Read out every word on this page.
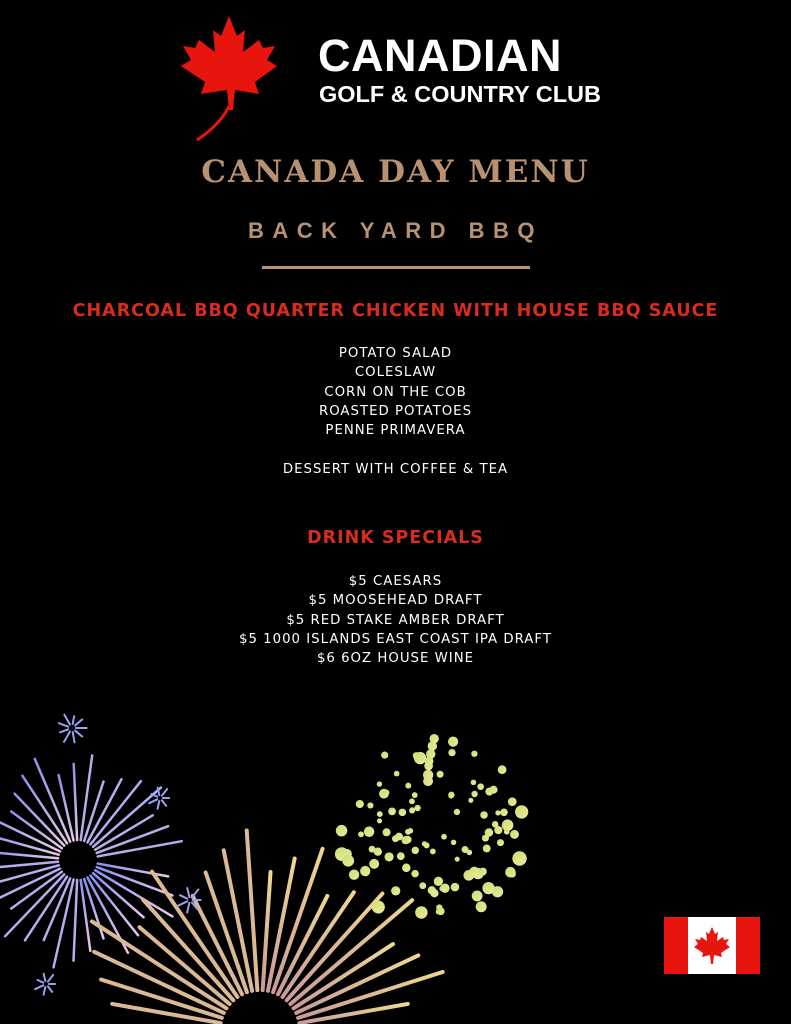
CANADIAN
GOLF & COUNTRY CLUB
CANADA DAY MENU
BACK YARD BBQ
CHARCOAL BBQ QUARTER CHICKEN WITH HOUSE BBQ SAUCE
POTATO SALAD
COLESLAW
CORN ON THE COB
ROASTED POTATOES
PENNE PRIMAVERA
DESSERT WITH COFFEE & TEA
DRINK SPECIALS
$5 CAESARS
$5 MOOSEHEAD DRAFT
$5 RED STAKE AMBER DRAFT
$5 1000 ISLANDS EAST COAST IPA DRAFT
$6 6OZ HOUSE WINE
